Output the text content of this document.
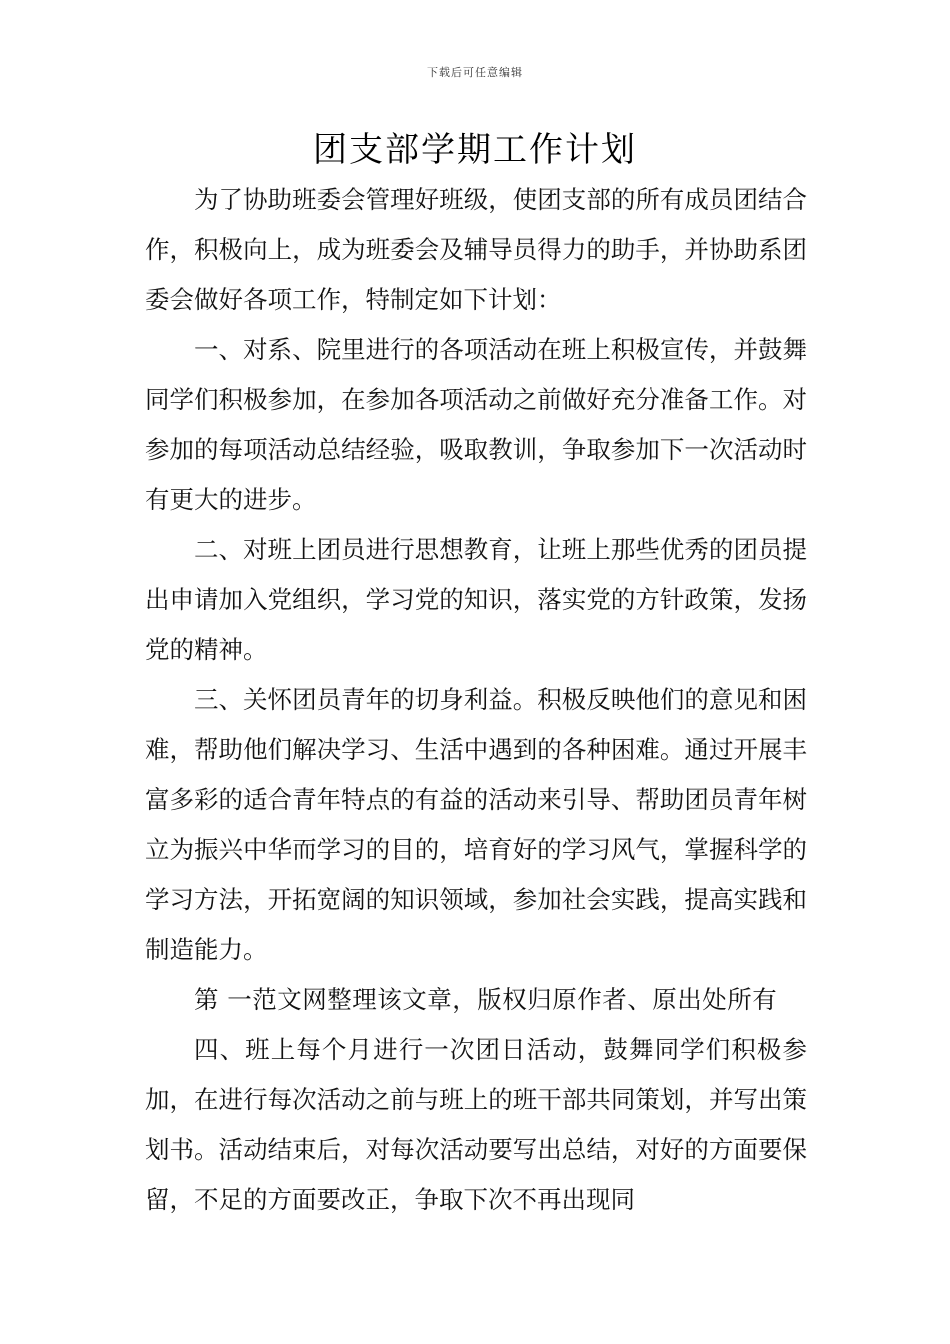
下载后可任意编辑
团支部学期工作计划

为了协助班委会管理好班级，使团支部的所有成员团结合作，积极向上，成为班委会及辅导员得力的助手，并协助系团委会做好各项工作，特制定如下计划：

一、对系、院里进行的各项活动在班上积极宣传，并鼓舞同学们积极参加，在参加各项活动之前做好充分准备工作。对参加的每项活动总结经验，吸取教训，争取参加下一次活动时有更大的进步。

二、对班上团员进行思想教育，让班上那些优秀的团员提出申请加入党组织，学习党的知识，落实党的方针政策，发扬党的精神。

三、关怀团员青年的切身利益。积极反映他们的意见和困难，帮助他们解决学习、生活中遇到的各种困难。通过开展丰富多彩的适合青年特点的有益的活动来引导、帮助团员青年树立为振兴中华而学习的目的，培育好的学习风气，掌握科学的学习方法，开拓宽阔的知识领域，参加社会实践，提高实践和制造能力。

第 一范文网整理该文章，版权归原作者、原出处所有

四、班上每个月进行一次团日活动，鼓舞同学们积极参加，在进行每次活动之前与班上的班干部共同策划，并写出策划书。活动结束后，对每次活动要写出总结，对好的方面要保留，不足的方面要改正，争取下次不再出现同
